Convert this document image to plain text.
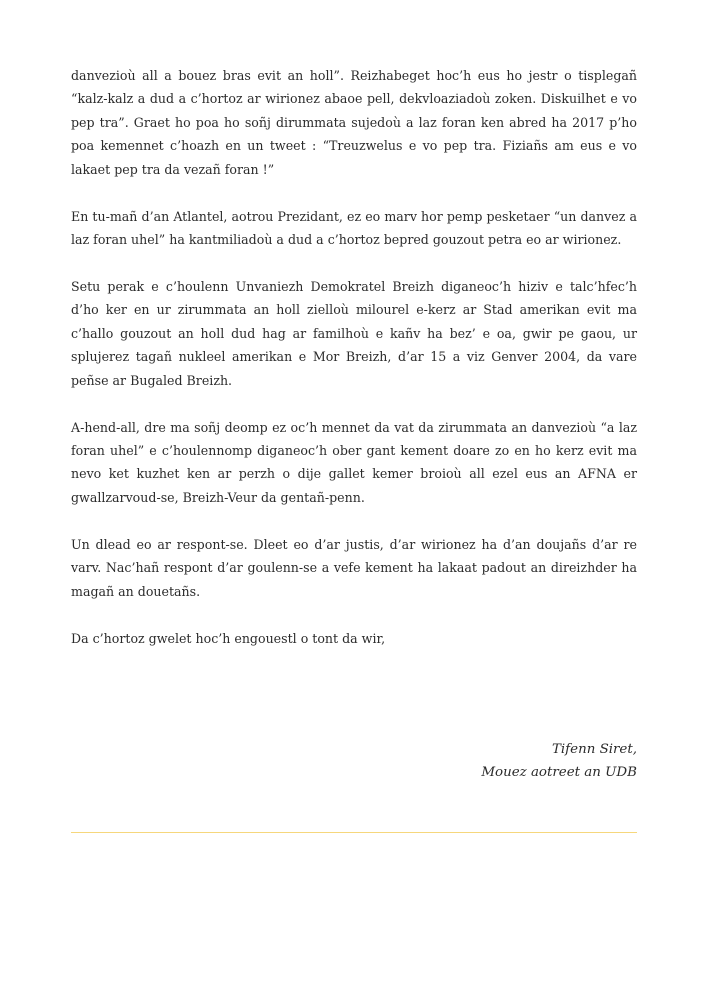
danvezioù all a bouez bras evit an holl”. Reizhabeget hoc’h eus ho jestr o tisplegañ “kalz-kalz a dud a c’hortoz ar wirionez abaoe pell, dekvloaziadoù zoken. Diskuilhet e vo pep tra”. Graet ho poa ho soñj dirummata sujedoù a laz foran ken abred ha 2017 p’ho poa kemennet c’hoazh en un tweet : “Treuzwelus e vo pep tra. Fiziañs am eus e vo lakaet pep tra da vezañ foran !”

En tu-mañ d’an Atlantel, aotrou Prezidant, ez eo marv hor pemp pesketaer “un danvez a laz foran uhel” ha kantmiliadoù a dud a c’hortoz bepred gouzout petra eo ar wirionez.

Setu perak e c’houlenn Unvaniezh Demokratel Breizh diganeoc’h hiziv e talc’hfec’h d’ho ker en ur zirummata an holl zielloù milourel e-kerz ar Stad amerikan evit ma c’hallo gouzout an holl dud hag ar familhoù e kañv ha bez’ e oa, gwir pe gaou, ur splujerez tagañ nukleel amerikan e Mor Breizh, d’ar 15 a viz Genver 2004, da vare peñse ar Bugaled Breizh.

A-hend-all, dre ma soñj deomp ez oc’h mennet da vat da zirummata an danvezioù “a laz foran uhel” e c’houlennomp diganeoc’h ober gant kement doare zo en ho kerz evit ma nevo ket kuzhet ken ar perzh o dije gallet kemer broioù all ezel eus an AFNA er gwallzarvoud-se, Breizh-Veur da gentañ-penn.

Un dlead eo ar respont-se. Dleet eo d’ar justis, d’ar wirionez ha d’an doujañs d’ar re varv. Nac’hañ respont d’ar goulenn-se a vefe kement ha lakaat padout an direizhder ha magañ an douetañs.

Da c’hortoz gwelet hoc’h engouestl o tont da wir,

Tifenn Siret,
Mouez aotreet an UDB
